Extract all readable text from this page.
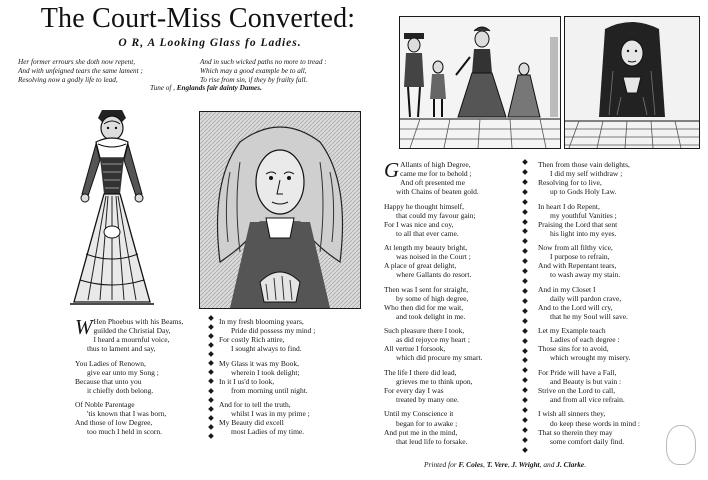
The Court-Miss Converted:
O R, A Looking Glass fo Ladies.
Her former errours she doth now repent,
And with unfeigned tears the same lament ;
Resolving now a godly life to lead,
And in such wicked paths no more to tread :
Which may a good example be to all,
To rise from sin, if they by frailty fall.
Tune of , Englands fair dainty Dames.
W Hen Phoebus with his Beams,

guilded the Christial Day,

I heard a mournful voice,

thus to lament and say,

You Ladies of Renown,

give ear unto my Song ;

Because that unto you

it chiefly doth belong.

Of Noble Parentage

'tis known that I was born,

And those of low Degree,

too much I held in scorn.

In my fresh blooming years,

Pride did possess my mind ;

For costly Rich attire,

I sought always to find.

My Glass it was my Book,

wherein I took delight;

In it I us'd to look,

from morning until night.

And for to tell the truth,

whilst I was in my prime ;

My Beauty did excell

most Ladies of my time.

G Allants of high Degree,

came me for to behold ;

And oft presented me

with Chains of beaten gold.

Happy he thought himself,

that could my favour gain;

For I was nice and coy,

to all that ever came.

At length my beauty bright,

was noised in the Court ;

A place of great delight,

where Gallants do resort.

Then was I sent for straight,

by some of high degree,

Who then did for me wait,

and took delight in me.

Such pleasure there I took,

as did rejoyce my heart ;

All vertue I forsook,

which did procure my smart.

The life I there did lead,

grieves me to think upon,

For every day I was

treated by many one.

Until my Conscience it

began for to awake ;

And put me in the mind,

that leud life to forsake.

Then from those vain delights,

I did my self withdraw ;

Resolving for to live,

up to Gods Holy Law.

In heart I do Repent,

my youthful Vanities ;

Praising the Lord that sent

his light into my eyes.

Now from all filthy vice,

I purpose to refrain,

And with Repentant tears,

to wash away my stain.

And in my Closet I

daily will pardon crave,

And to the Lord will cry,

that he my Soul will save.

Let my Example teach

Ladies of each degree :

Those sins for to avoid,

which wrought my misery.

For Pride will have a Fall,

and Beauty is but vain :

Strive on the Lord to call,

and from all vice refrain.

I wish all sinners they,

do keep these words in mind :

That so therein they may

some comfort daily find.

Printed for F. Coles, T. Vere, J. Wright, and J. Clarke.
